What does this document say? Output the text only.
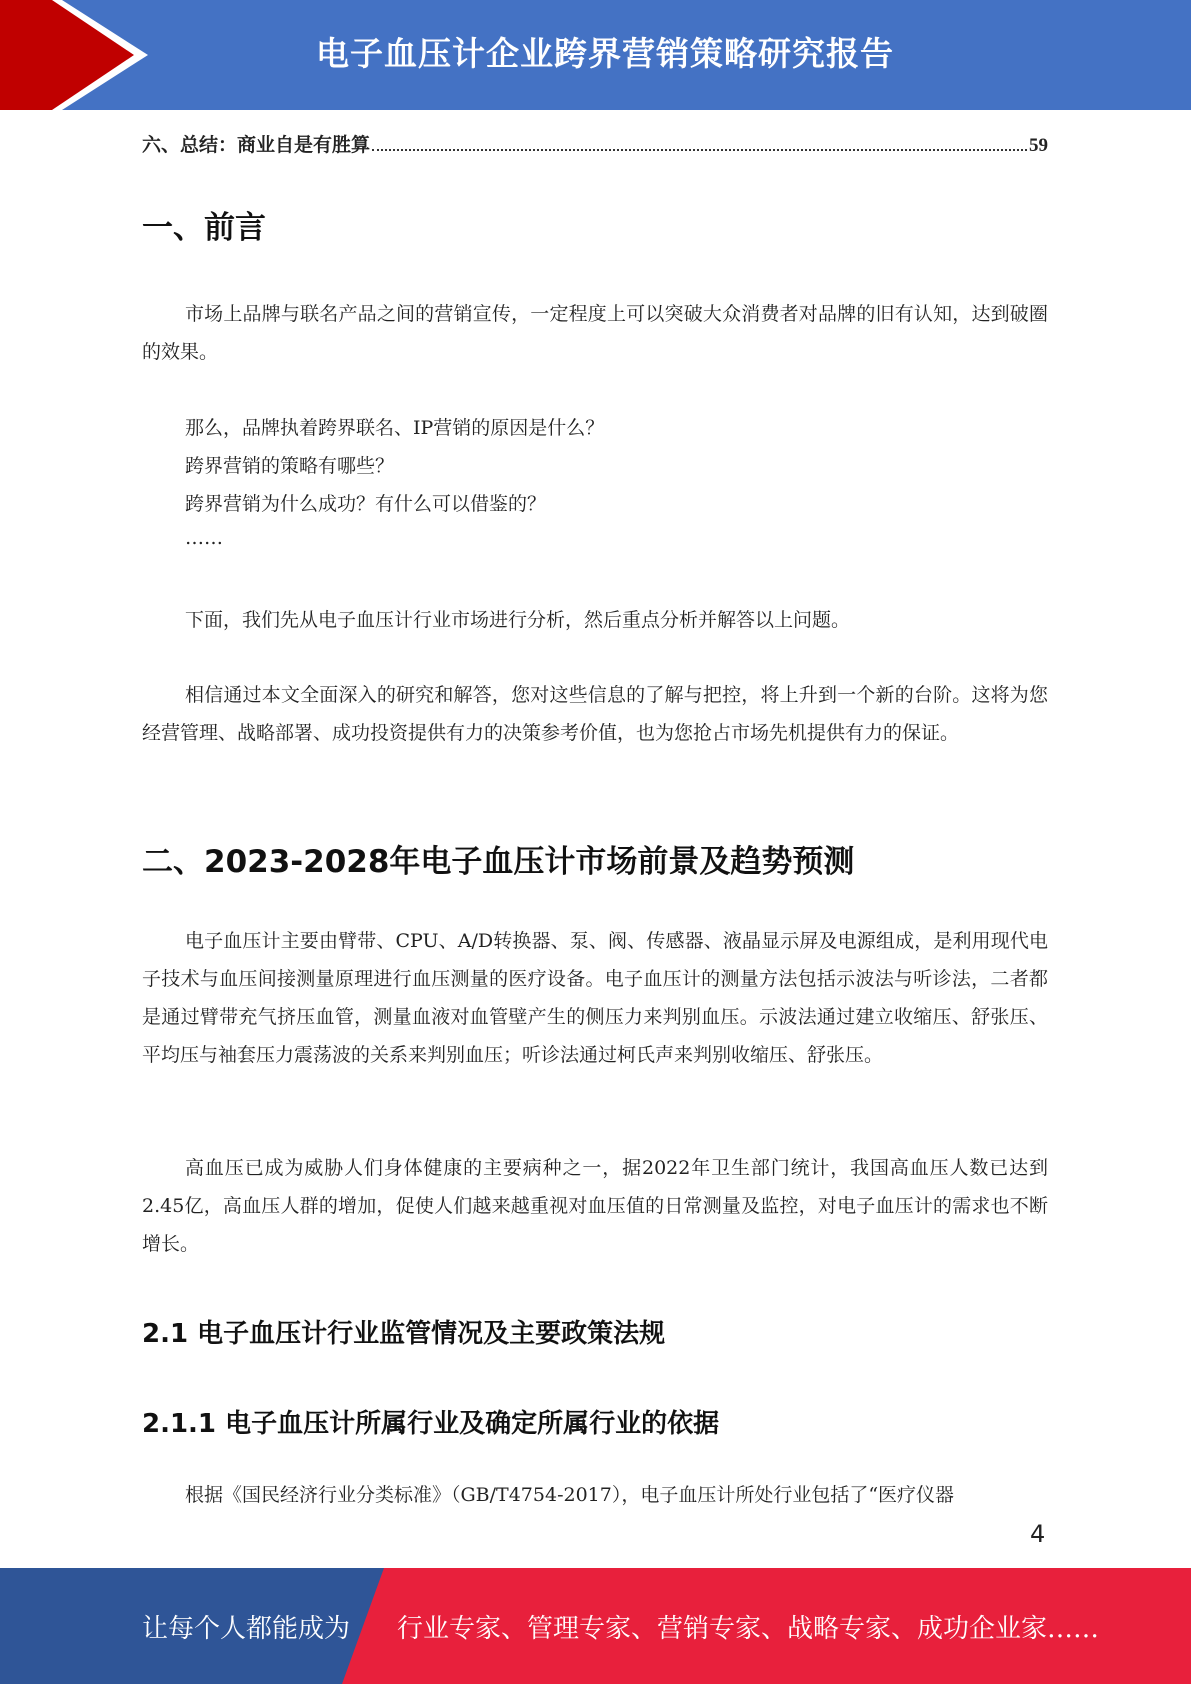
电子血压计企业跨界营销策略研究报告
六、总结：商业自是有胜算	59
一、前言

市场上品牌与联名产品之间的营销宣传，一定程度上可以突破大众消费者对品牌的旧有认知，达到破圈的效果。

那么，品牌执着跨界联名、IP营销的原因是什么？

跨界营销的策略有哪些？

跨界营销为什么成功？有什么可以借鉴的？

……

下面，我们先从电子血压计行业市场进行分析，然后重点分析并解答以上问题。

相信通过本文全面深入的研究和解答，您对这些信息的了解与把控，将上升到一个新的台阶。这将为您经营管理、战略部署、成功投资提供有力的决策参考价值，也为您抢占市场先机提供有力的保证。

二、2023-2028年电子血压计市场前景及趋势预测

电子血压计主要由臂带、CPU、A/D转换器、泵、阀、传感器、液晶显示屏及电源组成，是利用现代电子技术与血压间接测量原理进行血压测量的医疗设备。电子血压计的测量方法包括示波法与听诊法，二者都是通过臂带充气挤压血管，测量血液对血管壁产生的侧压力来判别血压。示波法通过建立收缩压、舒张压、平均压与袖套压力震荡波的关系来判别血压；听诊法通过柯氏声来判别收缩压、舒张压。

高血压已成为威胁人们身体健康的主要病种之一，据2022年卫生部门统计，我国高血压人数已达到2.45亿，高血压人群的增加，促使人们越来越重视对血压值的日常测量及监控，对电子血压计的需求也不断增长。

2.1 电子血压计行业监管情况及主要政策法规
2.1.1 电子血压计所属行业及确定所属行业的依据

根据《国民经济行业分类标准》（GB/T4754-2017），电子血压计所处行业包括了“医疗仪器

4
让每个人都能成为 行业专家、管理专家、营销专家、战略专家、成功企业家……
